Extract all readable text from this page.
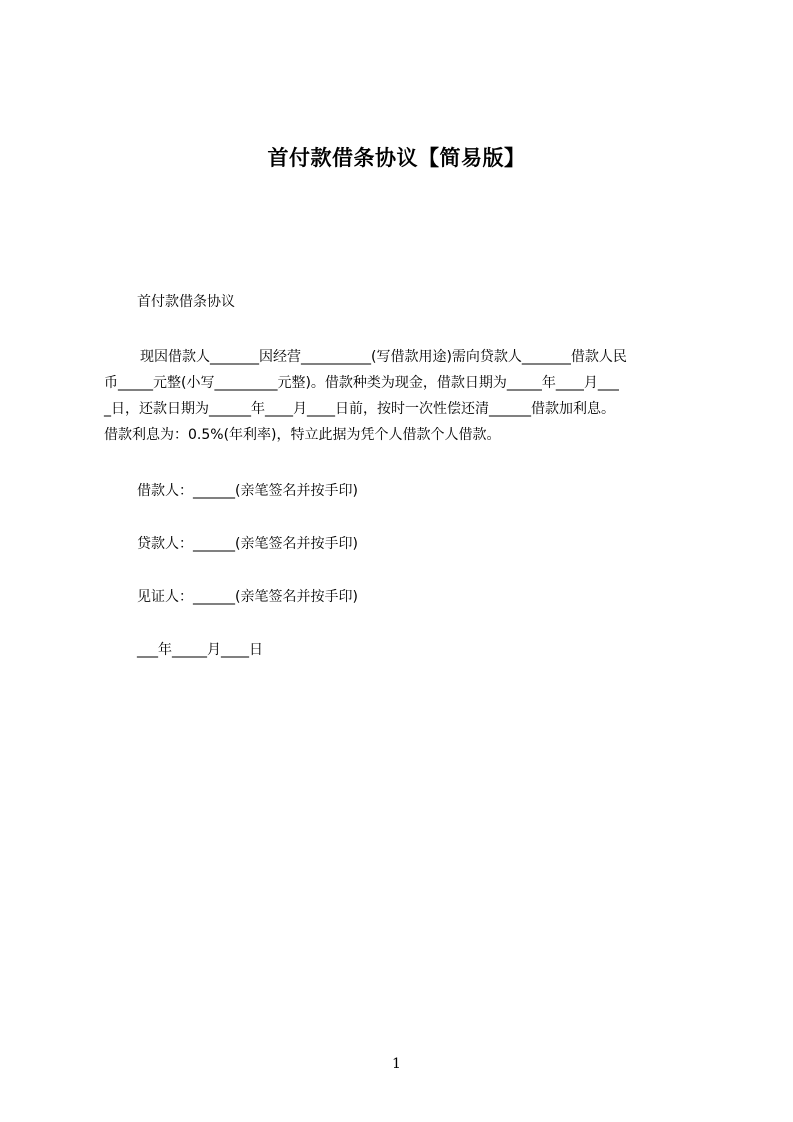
首付款借条协议【简易版】
首付款借条协议
现因借款人_______因经营__________(写借款用途)需向贷款人_______借款人民
币_____元整(小写_________元整)。借款种类为现金，借款日期为_____年____月___
_日，还款日期为______年____月____日前，按时一次性偿还清______借款加利息。
借款利息为：0.5%(年利率)，特立此据为凭个人借款个人借款。
借款人：______(亲笔签名并按手印)
贷款人：______(亲笔签名并按手印)
见证人：______(亲笔签名并按手印)
___年_____月____日
1
